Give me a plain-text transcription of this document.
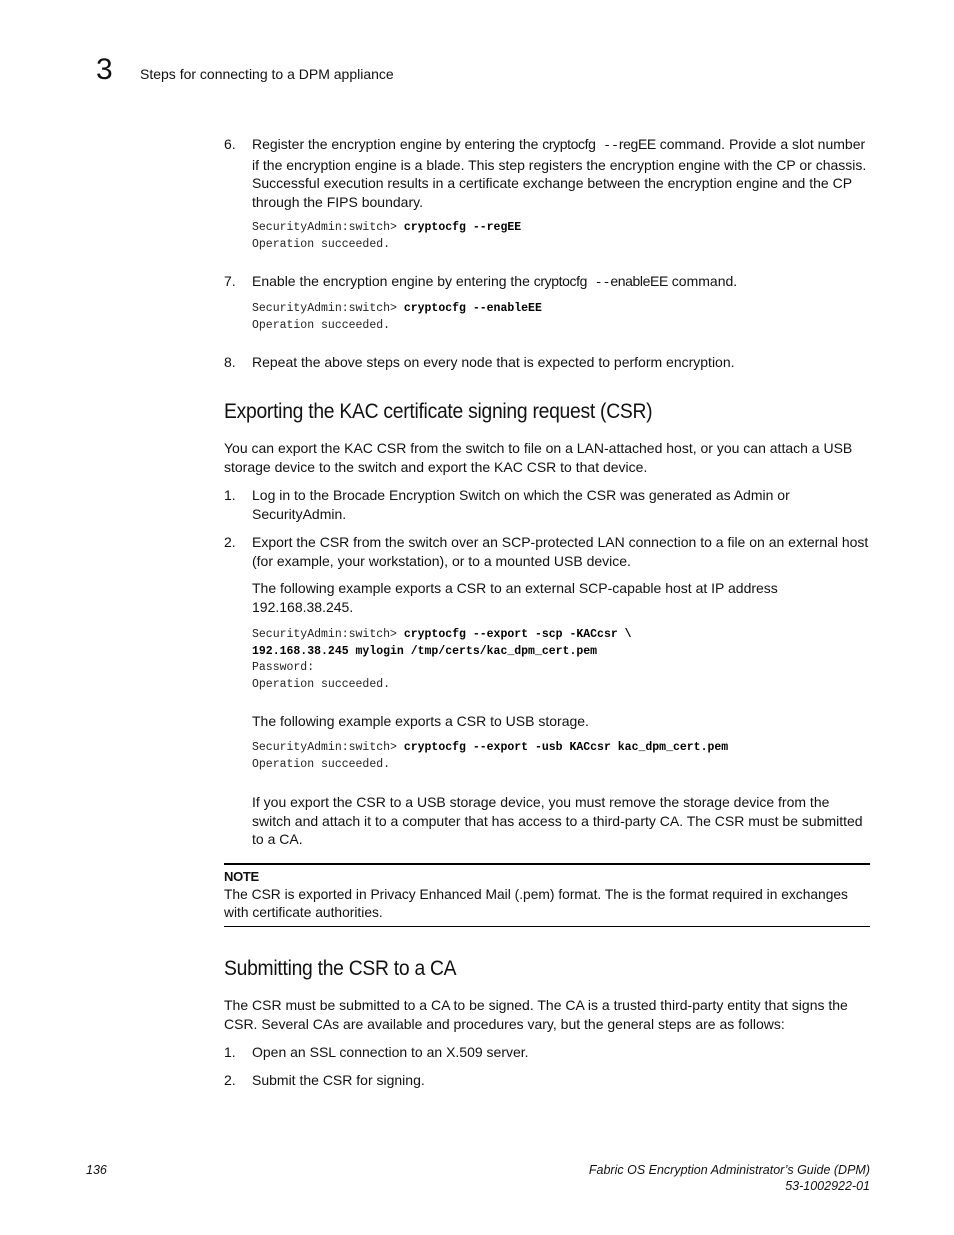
3 Steps for connecting to a DPM appliance
6.	Register the encryption engine by entering the cryptocfg --regEE command. Provide a slot number if the encryption engine is a blade. This step registers the encryption engine with the CP or chassis. Successful execution results in a certificate exchange between the encryption engine and the CP through the FIPS boundary.
SecurityAdmin:switch> cryptocfg --regEE
Operation succeeded.
7.	Enable the encryption engine by entering the cryptocfg --enableEE command.
SecurityAdmin:switch> cryptocfg --enableEE
Operation succeeded.
8.	Repeat the above steps on every node that is expected to perform encryption.
Exporting the KAC certificate signing request (CSR)
You can export the KAC CSR from the switch to file on a LAN-attached host, or you can attach a USB storage device to the switch and export the KAC CSR to that device.
1.	Log in to the Brocade Encryption Switch on which the CSR was generated as Admin or SecurityAdmin.
2.	Export the CSR from the switch over an SCP-protected LAN connection to a file on an external host (for example, your workstation), or to a mounted USB device.
The following example exports a CSR to an external SCP-capable host at IP address 192.168.38.245.
SecurityAdmin:switch> cryptocfg --export -scp -KACcsr \
192.168.38.245 mylogin /tmp/certs/kac_dpm_cert.pem
Password:
Operation succeeded.
The following example exports a CSR to USB storage.
SecurityAdmin:switch> cryptocfg --export -usb KACcsr kac_dpm_cert.pem
Operation succeeded.
If you export the CSR to a USB storage device, you must remove the storage device from the switch and attach it to a computer that has access to a third-party CA. The CSR must be submitted to a CA.
NOTE
The CSR is exported in Privacy Enhanced Mail (.pem) format. The is the format required in exchanges with certificate authorities.
Submitting the CSR to a CA
The CSR must be submitted to a CA to be signed. The CA is a trusted third-party entity that signs the CSR. Several CAs are available and procedures vary, but the general steps are as follows:
1.	Open an SSL connection to an X.509 server.
2.	Submit the CSR for signing.
136	Fabric OS Encryption Administrator’s Guide (DPM)
53-1002922-01
